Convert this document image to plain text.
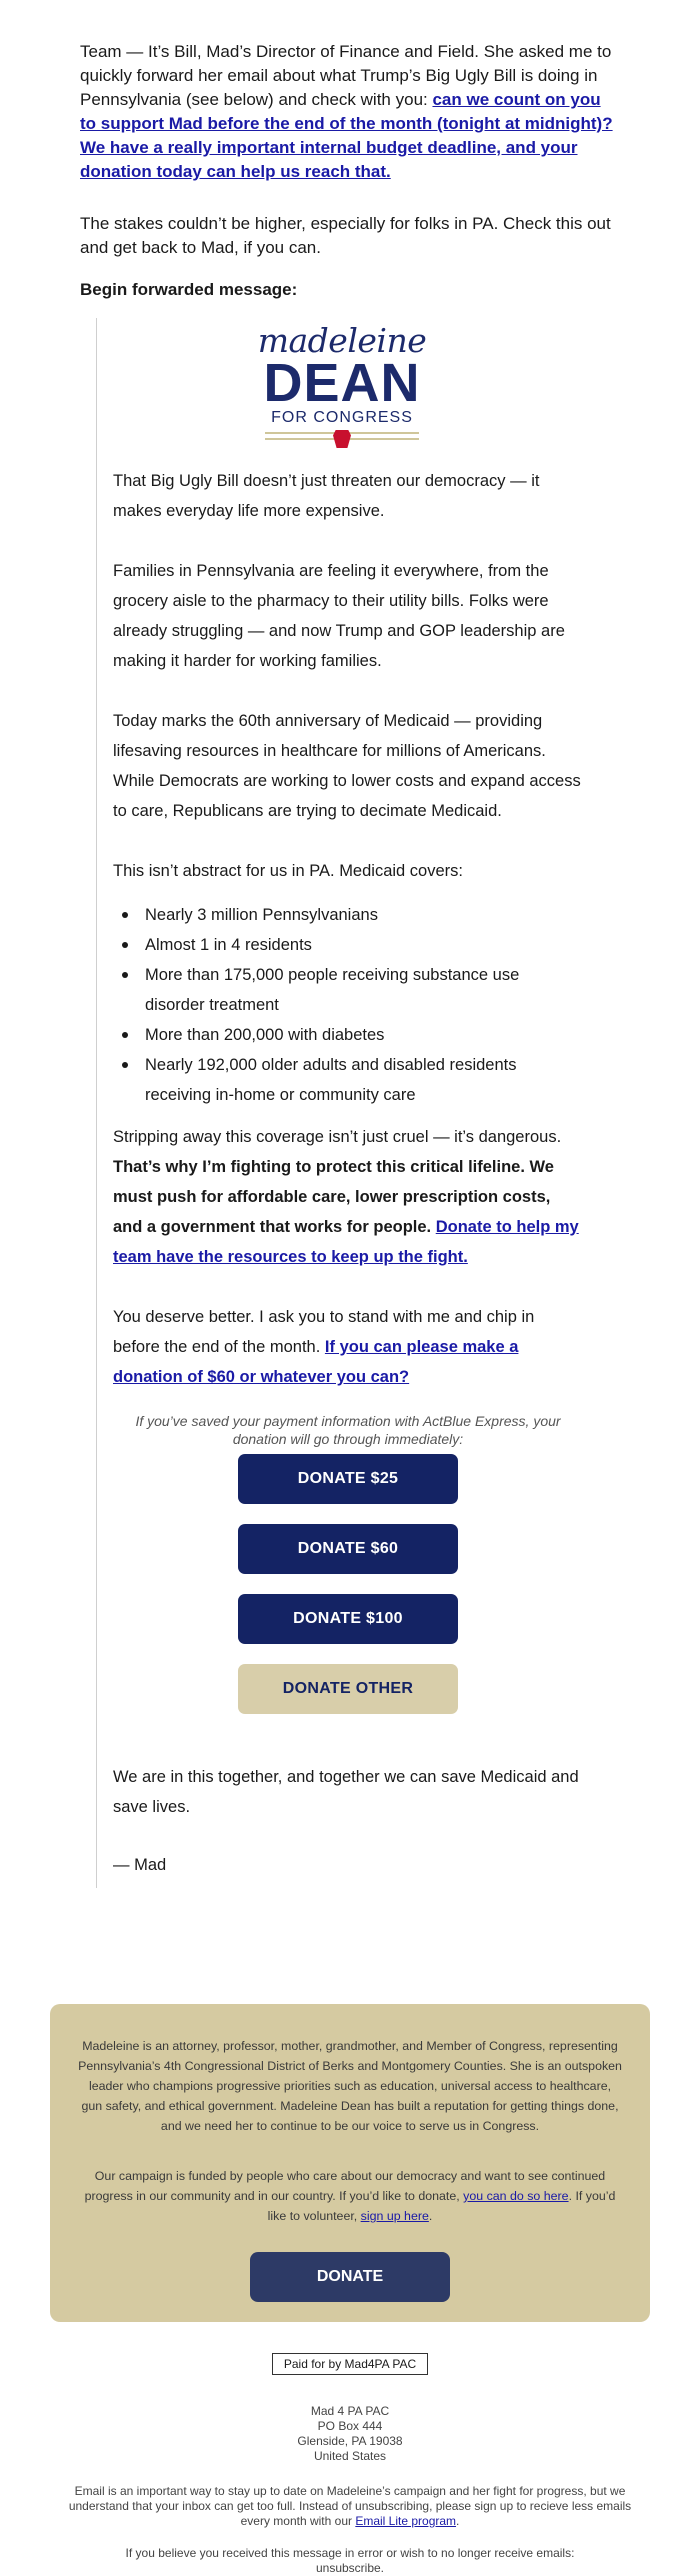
Team — It’s Bill, Mad’s Director of Finance and Field. She asked me to quickly forward her email about what Trump’s Big Ugly Bill is doing in Pennsylvania (see below) and check with you: can we count on you to support Mad before the end of the month (tonight at midnight)? We have a really important internal budget deadline, and your donation today can help us reach that.

The stakes couldn’t be higher, especially for folks in PA. Check this out and get back to Mad, if you can.

Begin forwarded message:

madeleine
DEAN
FOR CONGRESS

That Big Ugly Bill doesn’t just threaten our democracy — it makes everyday life more expensive.

Families in Pennsylvania are feeling it everywhere, from the grocery aisle to the pharmacy to their utility bills. Folks were already struggling — and now Trump and GOP leadership are making it harder for working families.

Today marks the 60th anniversary of Medicaid — providing lifesaving resources in healthcare for millions of Americans. While Democrats are working to lower costs and expand access to care, Republicans are trying to decimate Medicaid.

This isn’t abstract for us in PA. Medicaid covers:

Nearly 3 million Pennsylvanians
Almost 1 in 4 residents
More than 175,000 people receiving substance use disorder treatment
More than 200,000 with diabetes
Nearly 192,000 older adults and disabled residents receiving in-home or community care

Stripping away this coverage isn’t just cruel — it’s dangerous. That’s why I’m fighting to protect this critical lifeline. We must push for affordable care, lower prescription costs, and a government that works for people. Donate to help my team have the resources to keep up the fight.

You deserve better. I ask you to stand with me and chip in before the end of the month. If you can please make a donation of $60 or whatever you can?

If you’ve saved your payment information with ActBlue Express, your donation will go through immediately:
DONATE $25
DONATE $60
DONATE $100
DONATE OTHER

We are in this together, and together we can save Medicaid and save lives.

— Mad

Madeleine is an attorney, professor, mother, grandmother, and Member of Congress, representing Pennsylvania’s 4th Congressional District of Berks and Montgomery Counties. She is an outspoken leader who champions progressive priorities such as education, universal access to healthcare, gun safety, and ethical government. Madeleine Dean has built a reputation for getting things done, and we need her to continue to be our voice to serve us in Congress.

Our campaign is funded by people who care about our democracy and want to see continued progress in our community and in our country. If you’d like to donate, you can do so here. If you’d like to volunteer, sign up here.

DONATE
Paid for by Mad4PA PAC
Mad 4 PA PAC
PO Box 444
Glenside, PA 19038
United States
Email is an important way to stay up to date on Madeleine’s campaign and her fight for progress, but we understand that your inbox can get too full. Instead of unsubscribing, please sign up to recieve less emails every month with our Email Lite program.
If you believe you received this message in error or wish to no longer receive emails: unsubscribe.
